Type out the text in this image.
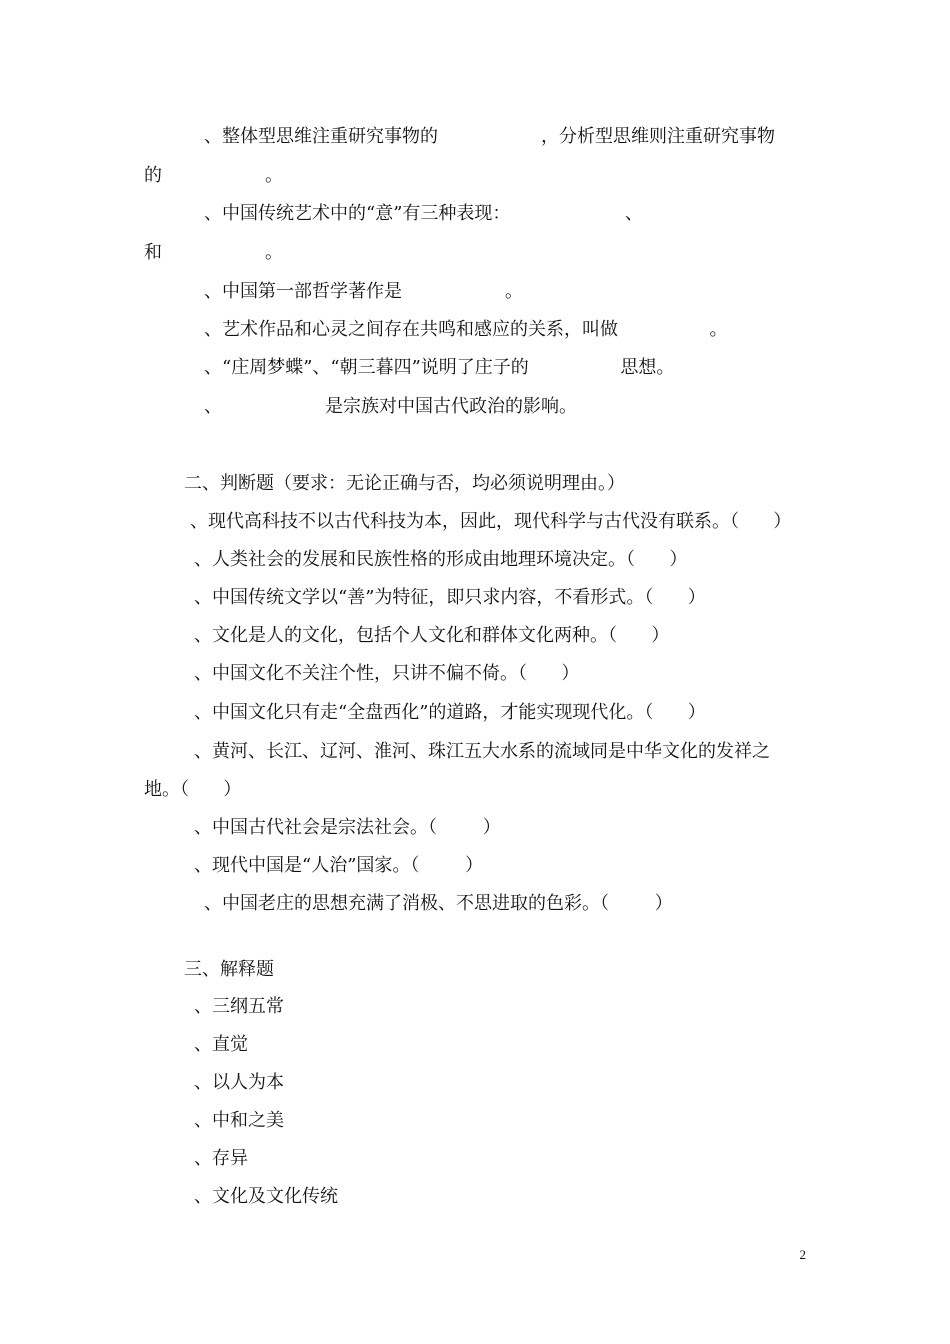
、整体型思维注重研究事物的                  ，分析型思维则注重研究事物

的                  。

、中国传统艺术中的“意”有三种表现：                    、

和                  。

、中国第一部哲学著作是                  。

、艺术作品和心灵之间存在共鸣和感应的关系，叫做                。

、“庄周梦蝶”、“朝三暮四”说明了庄子的                思想。

、                  是宗族对中国古代政治的影响。

二、判断题（要求：无论正确与否，均必须说明理由。）

、现代高科技不以古代科技为本，因此，现代科学与古代没有联系。（      ）

、人类社会的发展和民族性格的形成由地理环境决定。（      ）

、中国传统文学以“善”为特征，即只求内容，不看形式。（      ）

、文化是人的文化，包括个人文化和群体文化两种。（      ）

、中国文化不关注个性，只讲不偏不倚。（      ）

、中国文化只有走“全盘西化”的道路，才能实现现代化。（      ）

、黄河、长江、辽河、淮河、珠江五大水系的流域同是中华文化的发祥之

地。（      ）

、中国古代社会是宗法社会。（        ）

、现代中国是“人治”国家。（        ）

、中国老庄的思想充满了消极、不思进取的色彩。（        ）

三、解释题

、三纲五常

、直觉

、以人为本

、中和之美

、存异

、文化及文化传统

2
